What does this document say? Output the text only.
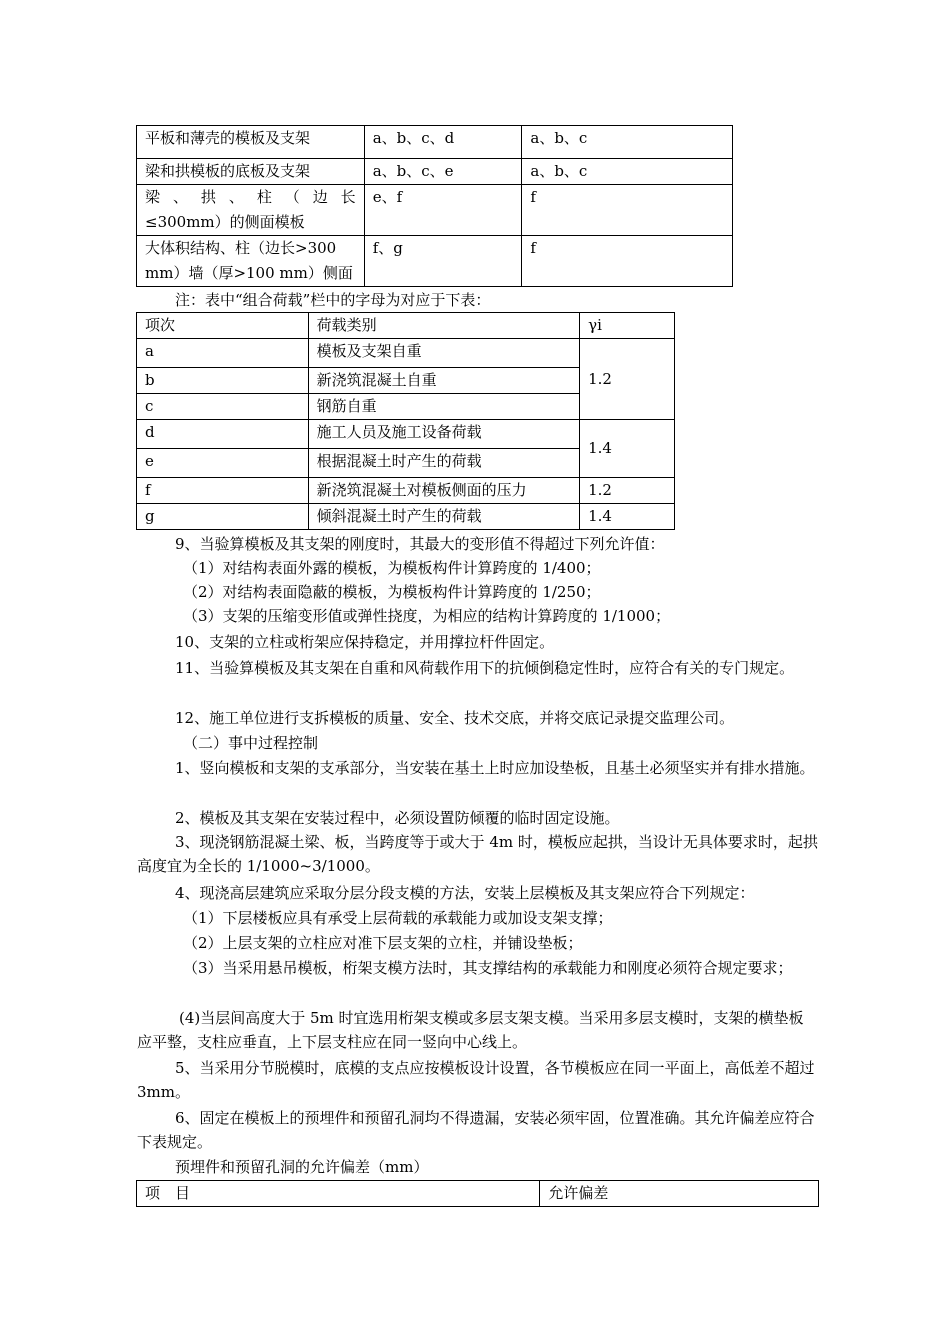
平板和薄壳的模板及支架	a、b、c、d	a、b、c
梁和拱模板的底板及支架	a、b、c、e	a、b、c
梁 、 拱 、 柱 （ 边 长≤300mm）的侧面模板	e、f	f
大体积结构、柱（边长>300 mm）墙（厚>100 mm）侧面	f、g	f
注：表中“组合荷载”栏中的字母为对应于下表：
项次	荷载类别	γi
a	模板及支架自重	1.2
b	新浇筑混凝土自重	
c	钢筋自重	
d	施工人员及施工设备荷载	1.4
e	根据混凝土时产生的荷载	
f	新浇筑混凝土对模板侧面的压力	1.2
g	倾斜混凝土时产生的荷载	1.4
9、当验算模板及其支架的刚度时，其最大的变形值不得超过下列允许值：
（1）对结构表面外露的模板，为模板构件计算跨度的 1/400；
（2）对结构表面隐蔽的模板，为模板构件计算跨度的 1/250；
（3）支架的压缩变形值或弹性挠度，为相应的结构计算跨度的 1/1000；
10、支架的立柱或桁架应保持稳定，并用撑拉杆件固定。
11、当验算模板及其支架在自重和风荷载作用下的抗倾倒稳定性时，应符合有关的专门规定。
12、施工单位进行支拆模板的质量、安全、技术交底，并将交底记录提交监理公司。
（二）事中过程控制
1、竖向模板和支架的支承部分，当安装在基土上时应加设垫板，且基土必须坚实并有排水措施。
2、模板及其支架在安装过程中，必须设置防倾覆的临时固定设施。
3、现浇钢筋混凝土梁、板，当跨度等于或大于 4m 时，模板应起拱，当设计无具体要求时，起拱高度宜为全长的 1/1000~3/1000。
4、现浇高层建筑应采取分层分段支模的方法，安装上层模板及其支架应符合下列规定：
（1）下层楼板应具有承受上层荷载的承载能力或加设支架支撑；
（2）上层支架的立柱应对准下层支架的立柱，并铺设垫板；
（3）当采用悬吊模板，桁架支模方法时，其支撑结构的承载能力和刚度必须符合规定要求；
(4)当层间高度大于 5m 时宜选用桁架支模或多层支架支模。当采用多层支模时，支架的横垫板应平整，支柱应垂直，上下层支柱应在同一竖向中心线上。
5、当采用分节脱模时，底模的支点应按模板设计设置，各节模板应在同一平面上，高低差不超过 3mm。
6、固定在模板上的预埋件和预留孔洞均不得遗漏，安装必须牢固，位置准确。其允许偏差应符合下表规定。
预埋件和预留孔洞的允许偏差（mm）
项　目	允许偏差
